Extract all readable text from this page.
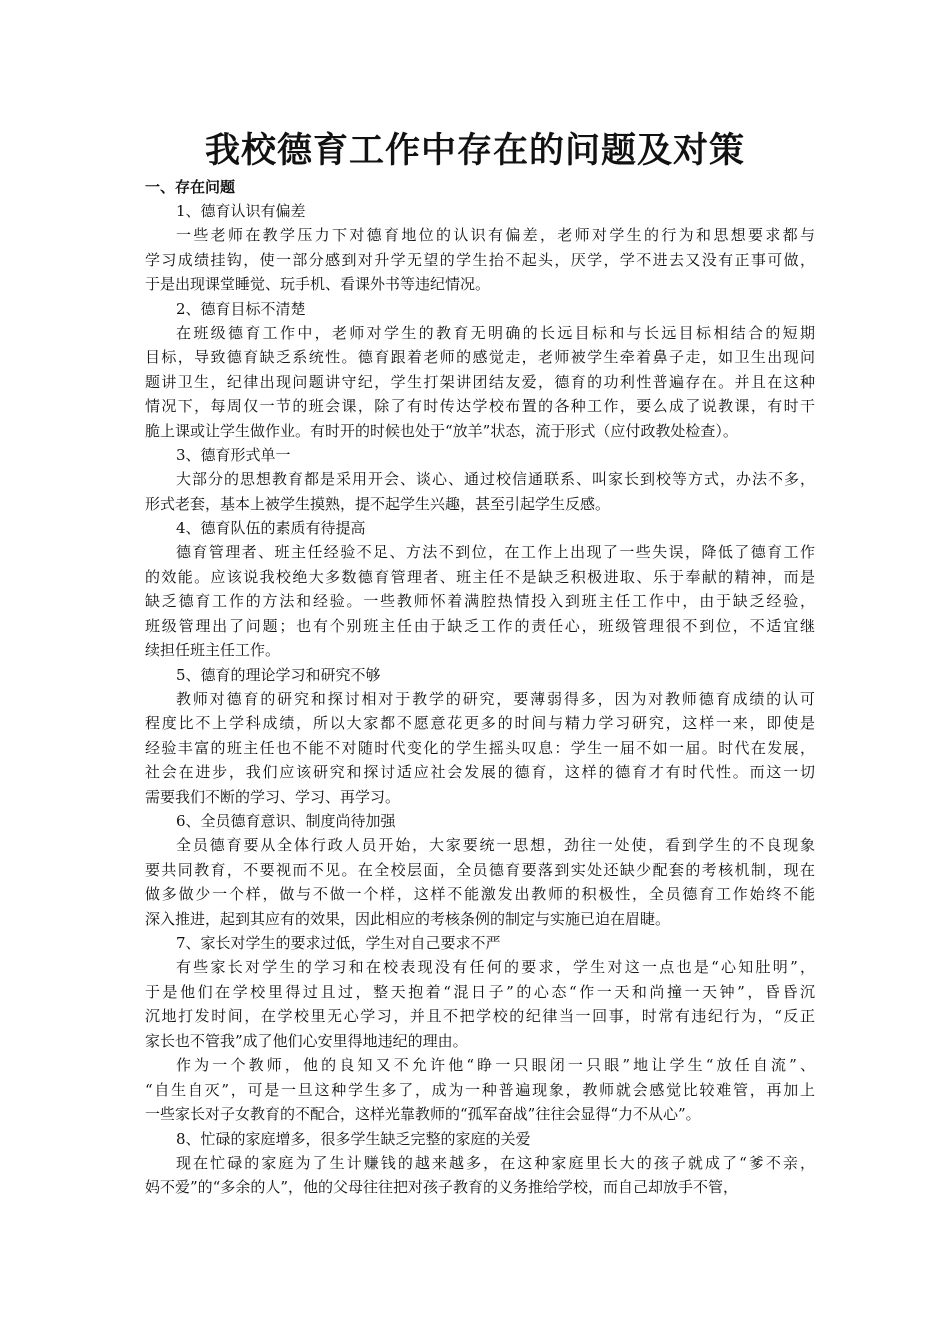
我校德育工作中存在的问题及对策
一、存在问题
1、德育认识有偏差
一些老师在教学压力下对德育地位的认识有偏差，老师对学生的行为和思想要求都与
学习成绩挂钩，使一部分感到对升学无望的学生抬不起头，厌学，学不进去又没有正事可做，
于是出现课堂睡觉、玩手机、看课外书等违纪情况。
2、德育目标不清楚
在班级德育工作中，老师对学生的教育无明确的长远目标和与长远目标相结合的短期
目标，导致德育缺乏系统性。德育跟着老师的感觉走，老师被学生牵着鼻子走，如卫生出现问
题讲卫生，纪律出现问题讲守纪，学生打架讲团结友爱，德育的功利性普遍存在。并且在这种
情况下，每周仅一节的班会课，除了有时传达学校布置的各种工作，要么成了说教课，有时干
脆上课或让学生做作业。有时开的时候也处于“放羊”状态，流于形式（应付政教处检查）。
3、德育形式单一
大部分的思想教育都是采用开会、谈心、通过校信通联系、叫家长到校等方式，办法不多，
形式老套，基本上被学生摸熟，提不起学生兴趣，甚至引起学生反感。
4、德育队伍的素质有待提高
德育管理者、班主任经验不足、方法不到位，在工作上出现了一些失误，降低了德育工作
的效能。应该说我校绝大多数德育管理者、班主任不是缺乏积极进取、乐于奉献的精神，而是
缺乏德育工作的方法和经验。一些教师怀着满腔热情投入到班主任工作中，由于缺乏经验，
班级管理出了问题；也有个别班主任由于缺乏工作的责任心，班级管理很不到位，不适宜继
续担任班主任工作。
5、德育的理论学习和研究不够
教师对德育的研究和探讨相对于教学的研究，要薄弱得多，因为对教师德育成绩的认可
程度比不上学科成绩，所以大家都不愿意花更多的时间与精力学习研究，这样一来，即使是
经验丰富的班主任也不能不对随时代变化的学生摇头叹息：学生一届不如一届。时代在发展，
社会在进步，我们应该研究和探讨适应社会发展的德育，这样的德育才有时代性。而这一切
需要我们不断的学习、学习、再学习。
6、全员德育意识、制度尚待加强
全员德育要从全体行政人员开始，大家要统一思想，劲往一处使，看到学生的不良现象
要共同教育，不要视而不见。在全校层面，全员德育要落到实处还缺少配套的考核机制，现在
做多做少一个样，做与不做一个样，这样不能激发出教师的积极性，全员德育工作始终不能
深入推进，起到其应有的效果，因此相应的考核条例的制定与实施已迫在眉睫。
7、家长对学生的要求过低，学生对自己要求不严
有些家长对学生的学习和在校表现没有任何的要求，学生对这一点也是“心知肚明”，
于是他们在学校里得过且过，整天抱着“混日子”的心态“作一天和尚撞一天钟”，昏昏沉
沉地打发时间，在学校里无心学习，并且不把学校的纪律当一回事，时常有违纪行为，“反正
家长也不管我”成了他们心安里得地违纪的理由。
作为一个教师，他的良知又不允许他“睁一只眼闭一只眼”地让学生“放任自流”、
“自生自灭”，可是一旦这种学生多了，成为一种普遍现象，教师就会感觉比较难管，再加上
一些家长对子女教育的不配合，这样光靠教师的“孤军奋战”往往会显得“力不从心”。
8、忙碌的家庭增多，很多学生缺乏完整的家庭的关爱
现在忙碌的家庭为了生计赚钱的越来越多，在这种家庭里长大的孩子就成了“爹不亲，
妈不爱”的“多余的人”，他的父母往往把对孩子教育的义务推给学校，而自己却放手不管，
